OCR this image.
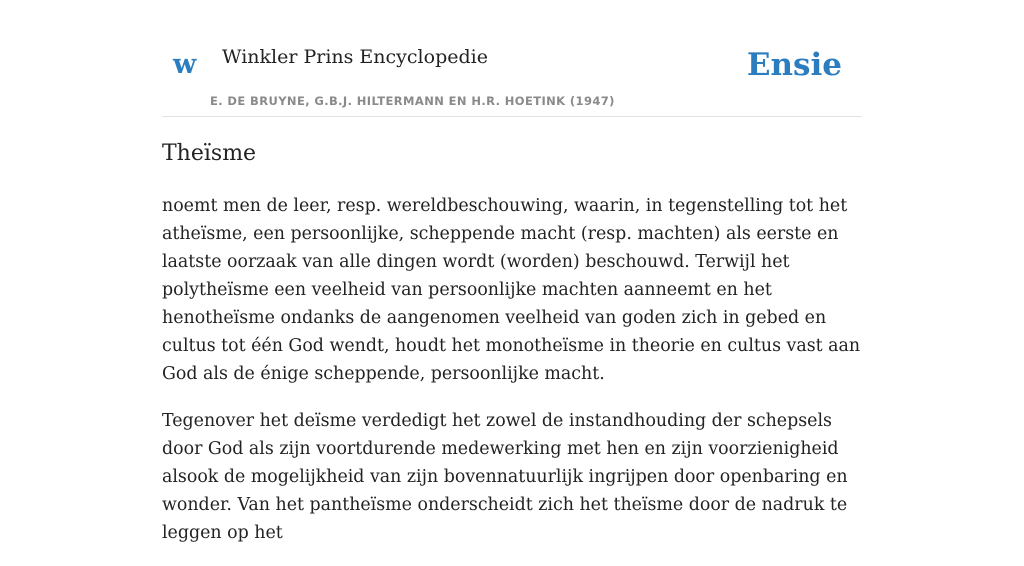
w Winkler Prins Encyclopedie
E. DE BRUYNE, G.B.J. HILTERMANN EN H.R. HOETINK (1947)
Ensie
Theïsme

noemt men de leer, resp. wereldbeschouwing, waarin, in tegenstelling tot het atheïsme, een persoonlijke, scheppende macht (resp. machten) als eerste en laatste oorzaak van alle dingen wordt (worden) beschouwd. Terwijl het polytheïsme een veelheid van persoonlijke machten aanneemt en het henotheïsme ondanks de aangenomen veelheid van goden zich in gebed en cultus tot één God wendt, houdt het monotheïsme in theorie en cultus vast aan God als de énige scheppende, persoonlijke macht.

Tegenover het deïsme verdedigt het zowel de instandhouding der schepsels door God als zijn voortdurende medewerking met hen en zijn voorzienigheid alsook de mogelijkheid van zijn bovennatuurlijk ingrijpen door openbaring en wonder. Van het pantheïsme onderscheidt zich het theïsme door de nadruk te leggen op het
